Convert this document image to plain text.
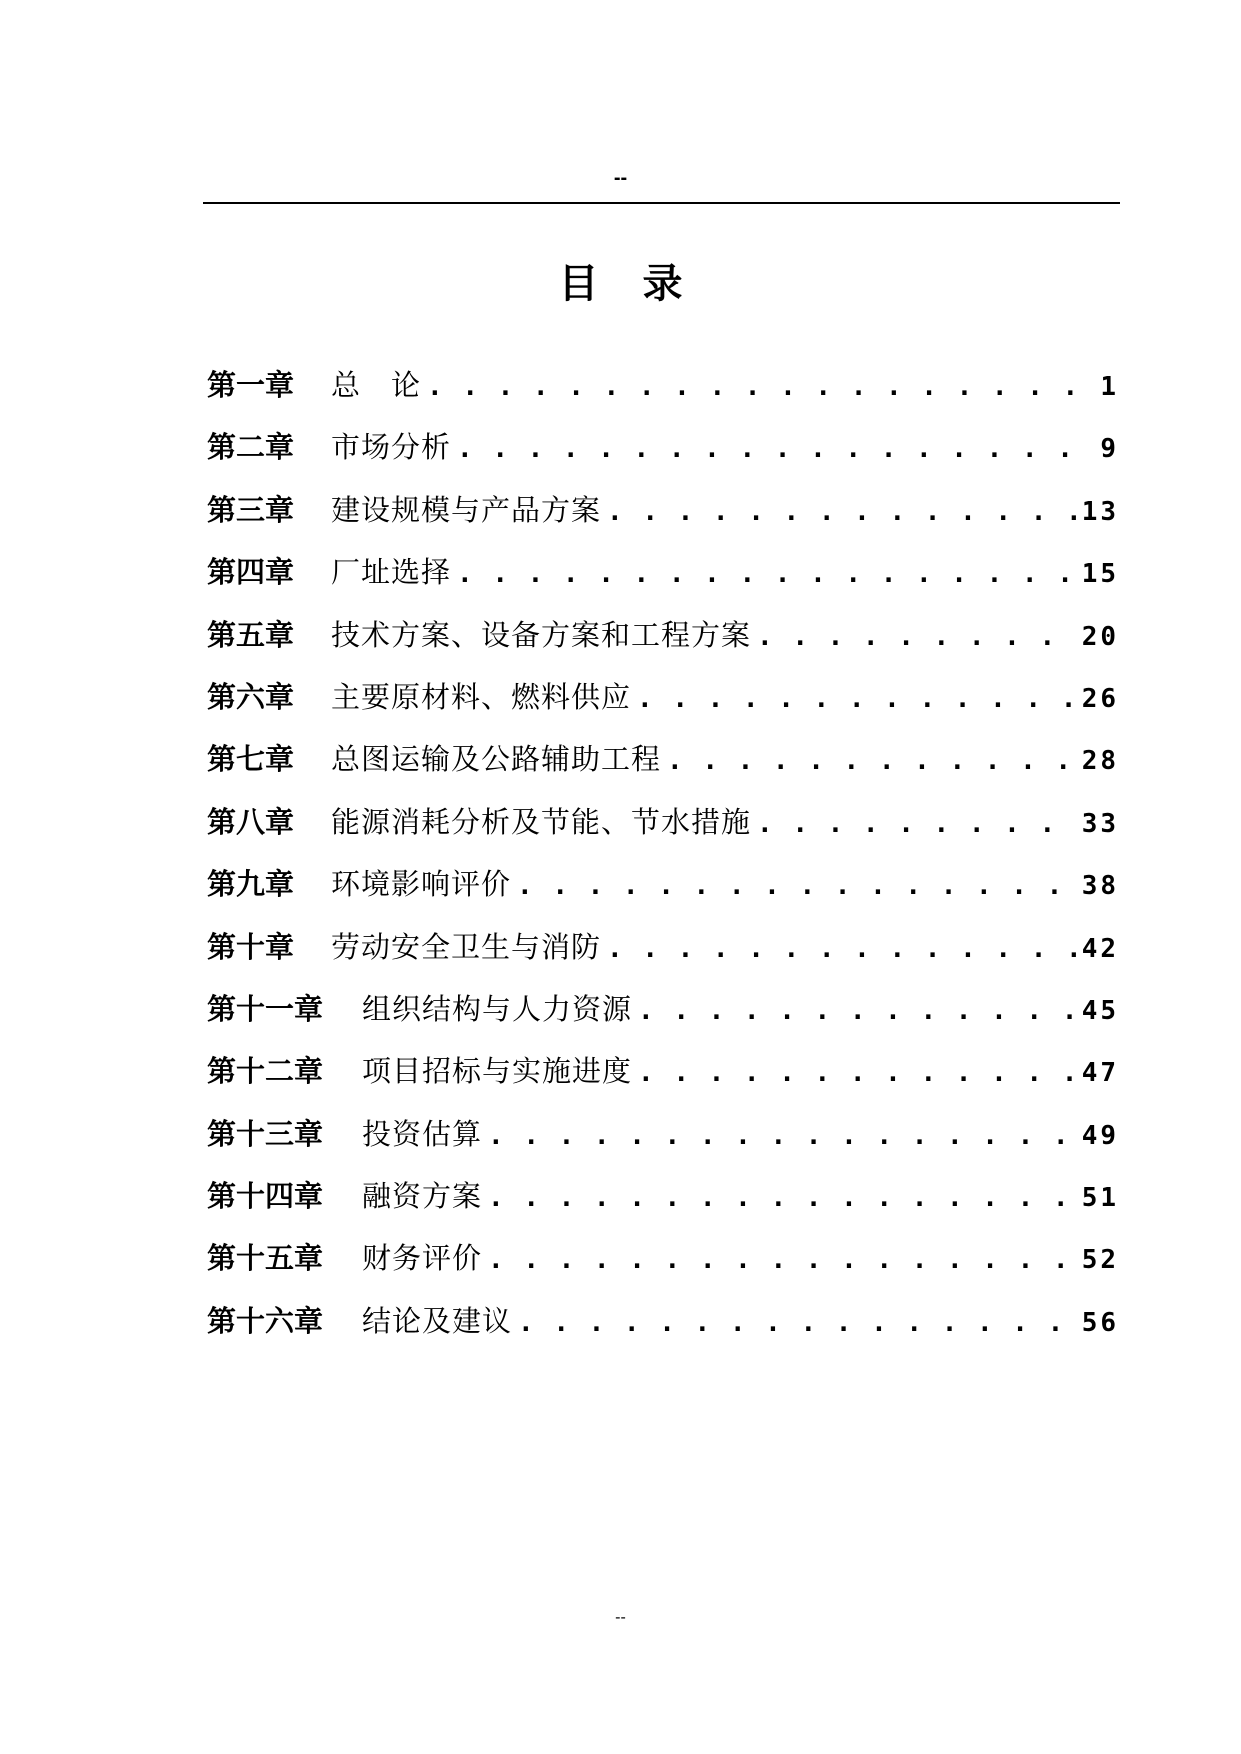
--
目录
第一章	总　论 . . .	1
第二章	市场分析 . . .	9
第三章	建设规模与产品方案 . . .	13
第四章	厂址选择 . . .	15
第五章	技术方案、设备方案和工程方案 . . .	20
第六章	主要原材料、燃料供应 . . .	26
第七章	总图运输及公路辅助工程 . . .	28
第八章	能源消耗分析及节能、节水措施 . . .	33
第九章	环境影响评价 . . .	38
第十章	劳动安全卫生与消防 . . .	42
第十一章	组织结构与人力资源 . . .	45
第十二章	项目招标与实施进度 . . .	47
第十三章	投资估算 . . .	49
第十四章	融资方案 . . .	51
第十五章	财务评价 . . .	52
第十六章	结论及建议 . . .	56
--
